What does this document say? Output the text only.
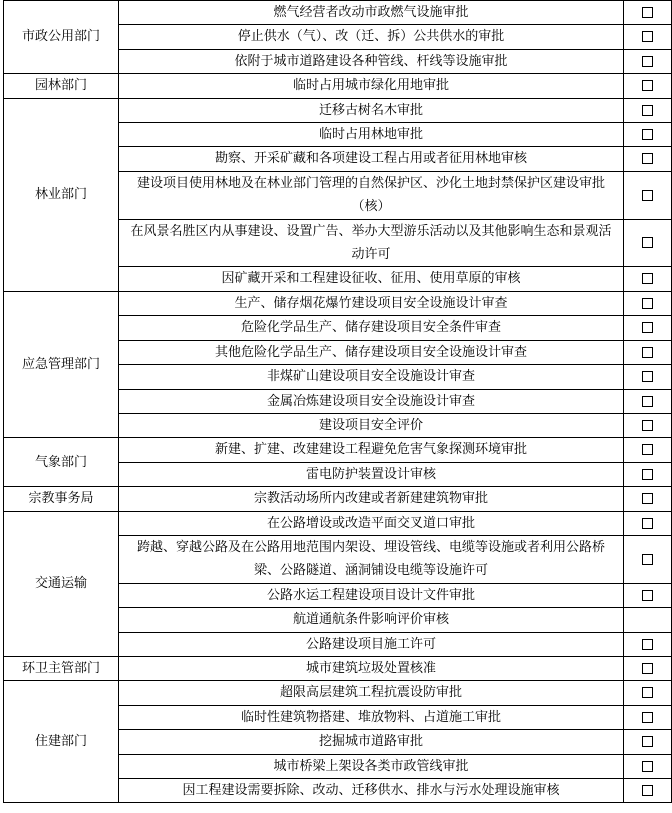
市政公用部门	燃气经营者改动市政燃气设施审批	
	停止供水（气）、改（迁、拆）公共供水的审批	
	依附于城市道路建设各种管线、杆线等设施审批	
园林部门	临时占用城市绿化用地审批	
林业部门	迁移古树名木审批	
	临时占用林地审批	
	勘察、开采矿藏和各项建设工程占用或者征用林地审核	
	建设项目使用林地及在林业部门管理的自然保护区、沙化土地封禁保护区建设审批（核）	
	在风景名胜区内从事建设、设置广告、举办大型游乐活动以及其他影响生态和景观活动许可	
	因矿藏开采和工程建设征收、征用、使用草原的审核	
应急管理部门	生产、储存烟花爆竹建设项目安全设施设计审查	
	危险化学品生产、储存建设项目安全条件审查	
	其他危险化学品生产、储存建设项目安全设施设计审查	
	非煤矿山建设项目安全设施设计审查	
	金属冶炼建设项目安全设施设计审查	
	建设项目安全评价	
气象部门	新建、扩建、改建建设工程避免危害气象探测环境审批	
	雷电防护装置设计审核	
宗教事务局	宗教活动场所内改建或者新建建筑物审批	
交通运输	在公路增设或改造平面交叉道口审批	
	跨越、穿越公路及在公路用地范围内架设、埋设管线、电缆等设施或者利用公路桥梁、公路隧道、涵洞铺设电缆等设施许可	
	公路水运工程建设项目设计文件审批	
	航道通航条件影响评价审核	
	公路建设项目施工许可	
环卫主管部门	城市建筑垃圾处置核准	
住建部门	超限高层建筑工程抗震设防审批	
	临时性建筑物搭建、堆放物料、占道施工审批	
	挖掘城市道路审批	
	城市桥梁上架设各类市政管线审批	
	因工程建设需要拆除、改动、迁移供水、排水与污水处理设施审核	
